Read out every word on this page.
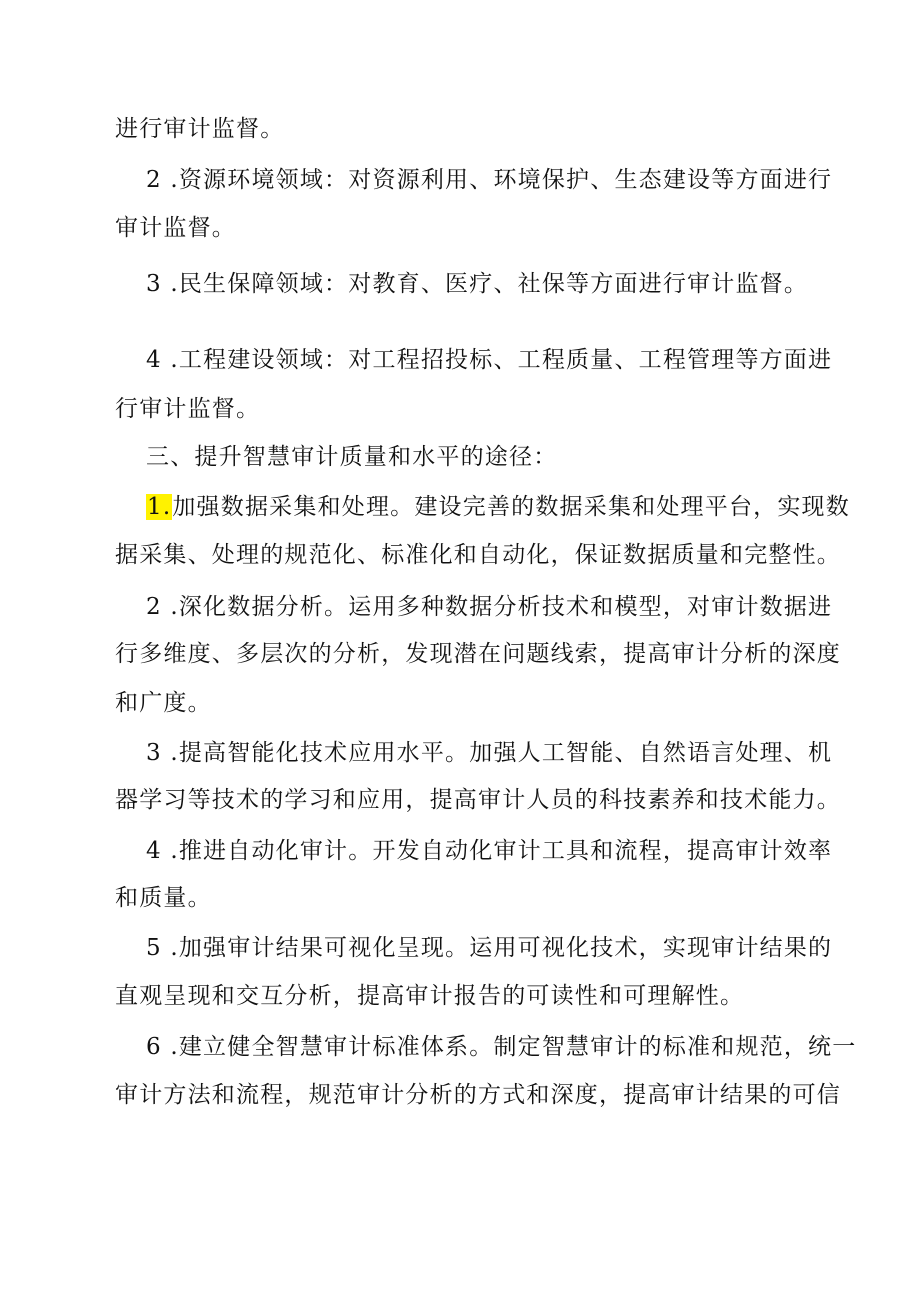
进行审计监督。
2 .资源环境领域：对资源利用、环境保护、生态建设等方面进行
审计监督。
3 .民生保障领域：对教育、医疗、社保等方面进行审计监督。
4 .工程建设领域：对工程招投标、工程质量、工程管理等方面进
行审计监督。
三、提升智慧审计质量和水平的途径：
1.加强数据采集和处理。建设完善的数据采集和处理平台，实现数
据采集、处理的规范化、标准化和自动化，保证数据质量和完整性。
2 .深化数据分析。运用多种数据分析技术和模型，对审计数据进
行多维度、多层次的分析，发现潜在问题线索，提高审计分析的深度
和广度。
3 .提高智能化技术应用水平。加强人工智能、自然语言处理、机
器学习等技术的学习和应用，提高审计人员的科技素养和技术能力。
4 .推进自动化审计。开发自动化审计工具和流程，提高审计效率
和质量。
5 .加强审计结果可视化呈现。运用可视化技术，实现审计结果的
直观呈现和交互分析，提高审计报告的可读性和可理解性。
6 .建立健全智慧审计标准体系。制定智慧审计的标准和规范，统一
审计方法和流程，规范审计分析的方式和深度，提高审计结果的可信
